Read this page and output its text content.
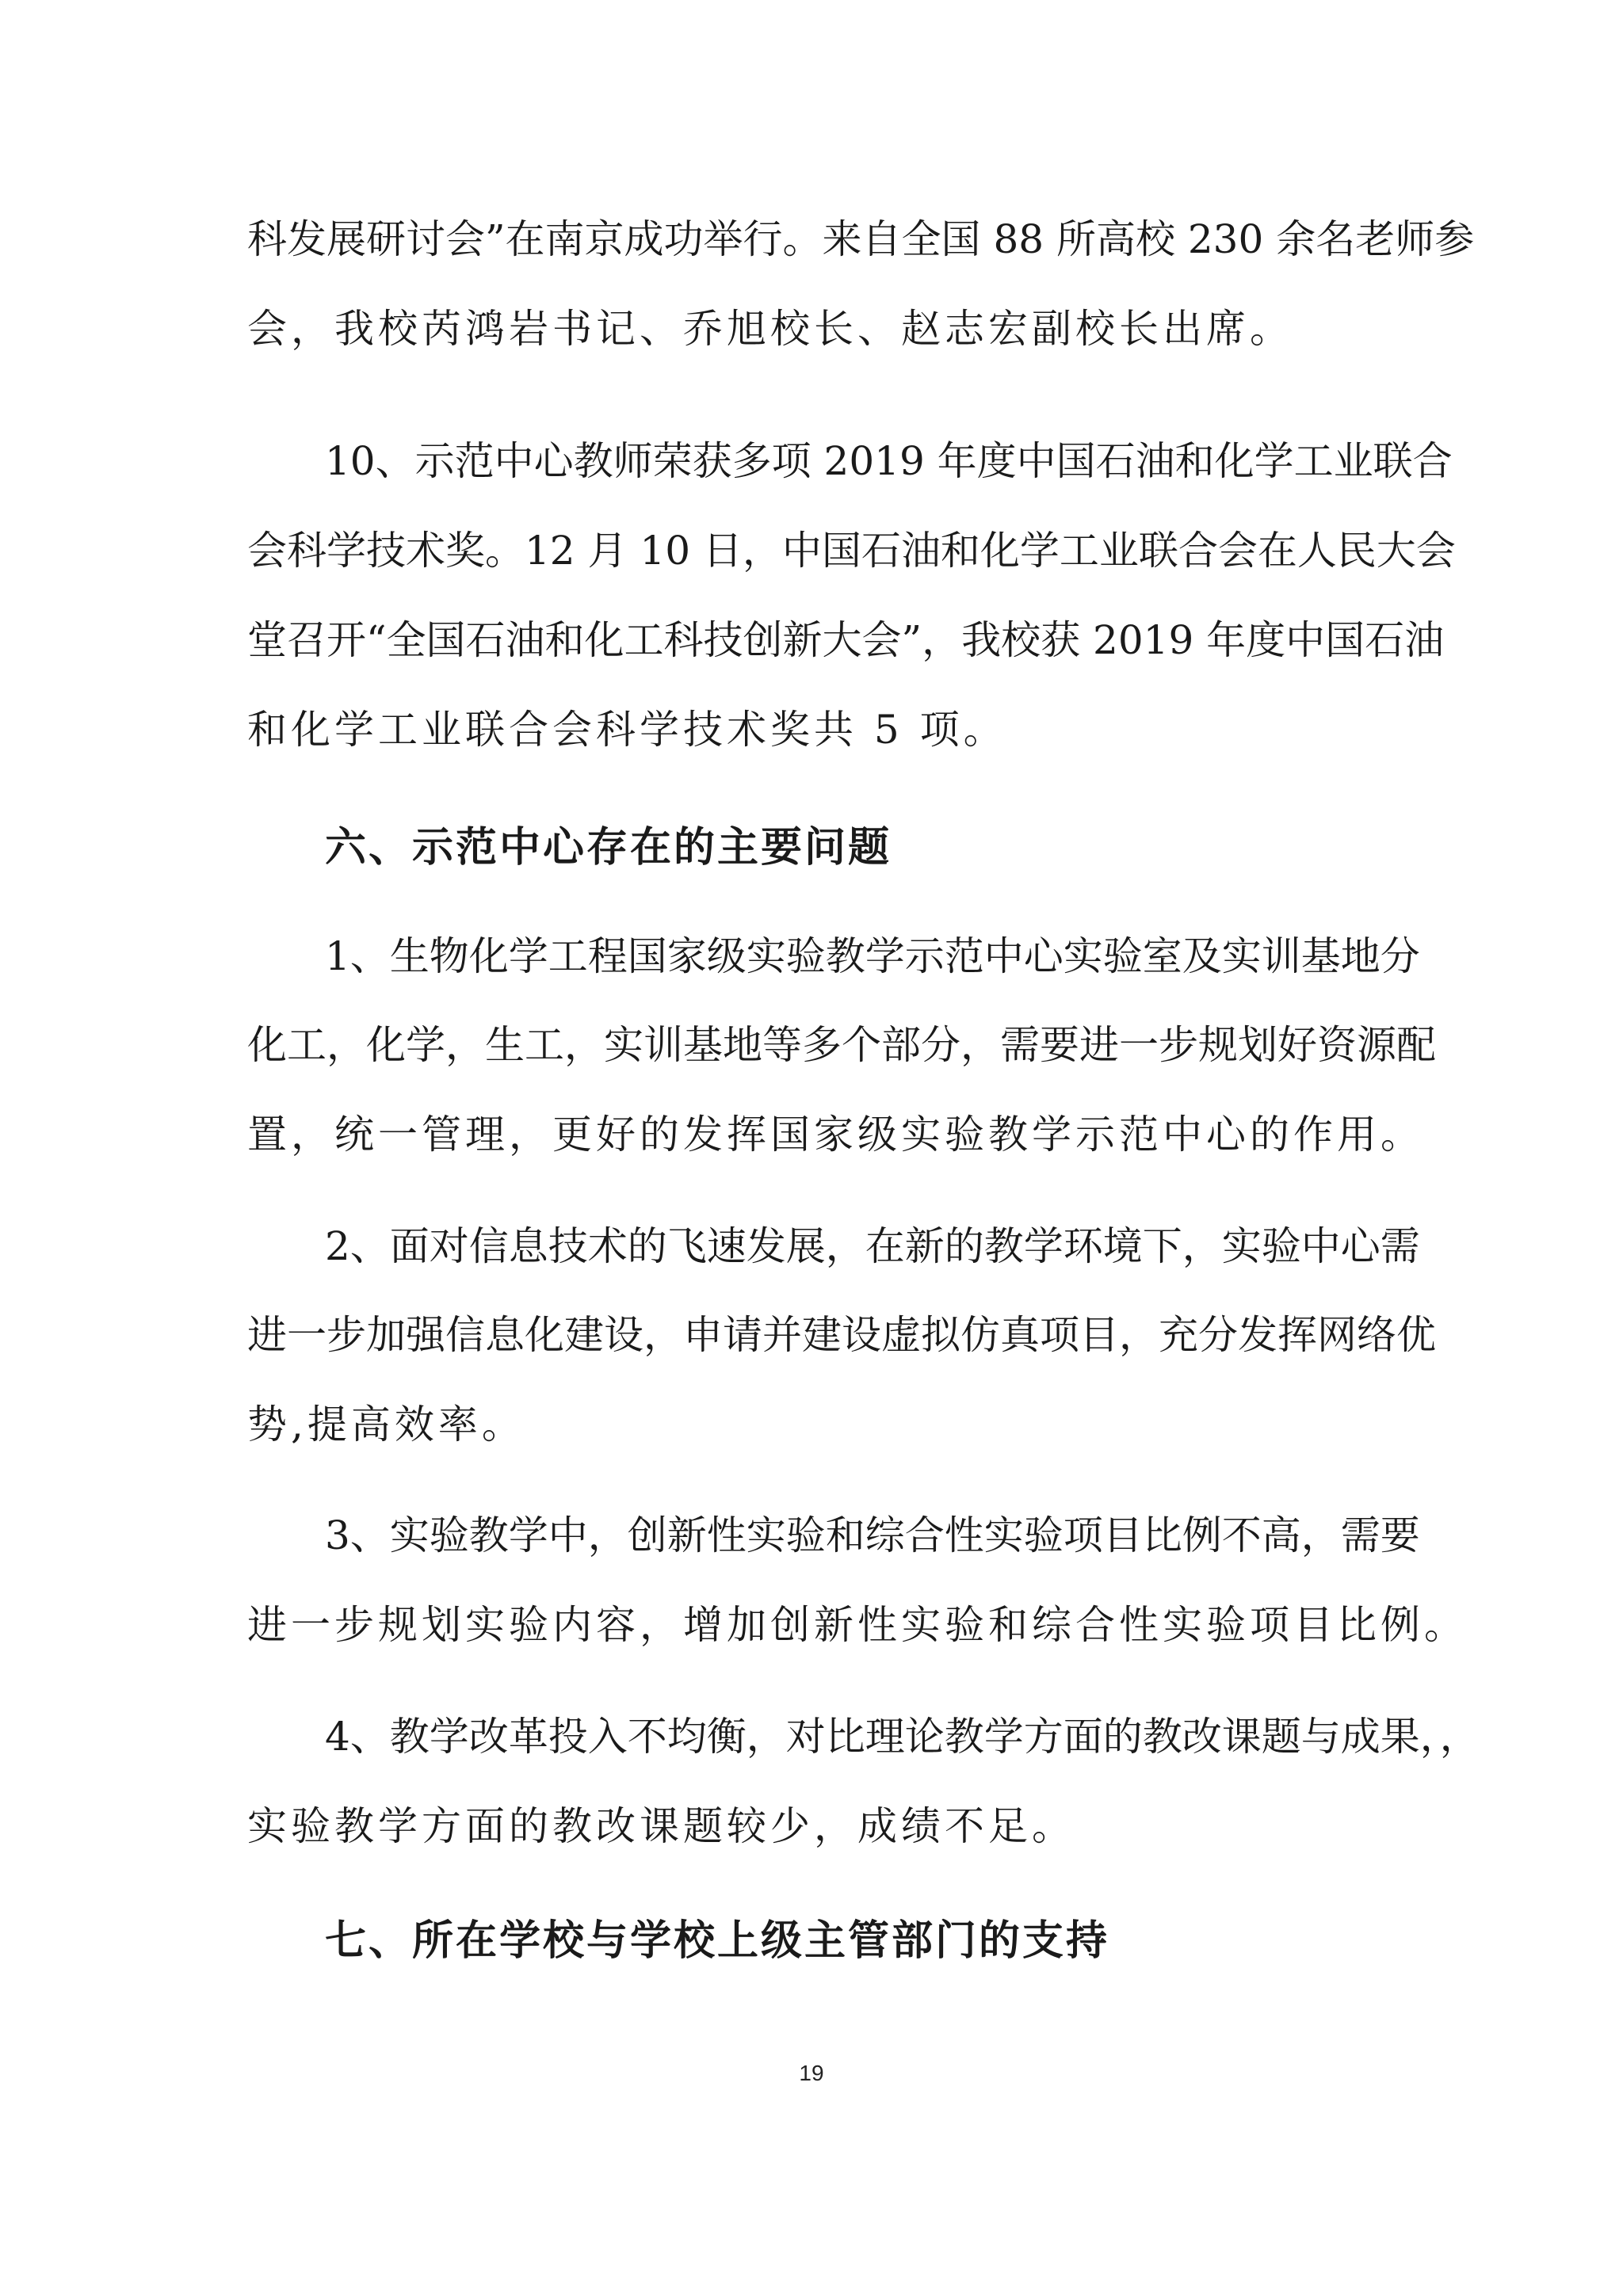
科发展研讨会”在南京成功举行。来自全国 88 所高校 230 余名老师参
会，我校芮鸿岩书记、乔旭校长、赵志宏副校长出席。
10、示范中心教师荣获多项 2019 年度中国石油和化学工业联合
会科学技术奖。12 月 10 日，中国石油和化学工业联合会在人民大会
堂召开“全国石油和化工科技创新大会”，我校获 2019 年度中国石油
和化学工业联合会科学技术奖共 5 项。
六、示范中心存在的主要问题
1、生物化学工程国家级实验教学示范中心实验室及实训基地分
化工，化学，生工，实训基地等多个部分，需要进一步规划好资源配
置，统一管理，更好的发挥国家级实验教学示范中心的作用。
2、面对信息技术的飞速发展，在新的教学环境下，实验中心需
进一步加强信息化建设，申请并建设虚拟仿真项目，充分发挥网络优
势,提高效率。
3、实验教学中，创新性实验和综合性实验项目比例不高，需要
进一步规划实验内容，增加创新性实验和综合性实验项目比例。
4、教学改革投入不均衡，对比理论教学方面的教改课题与成果，，
实验教学方面的教改课题较少，成绩不足。
七、所在学校与学校上级主管部门的支持
19
